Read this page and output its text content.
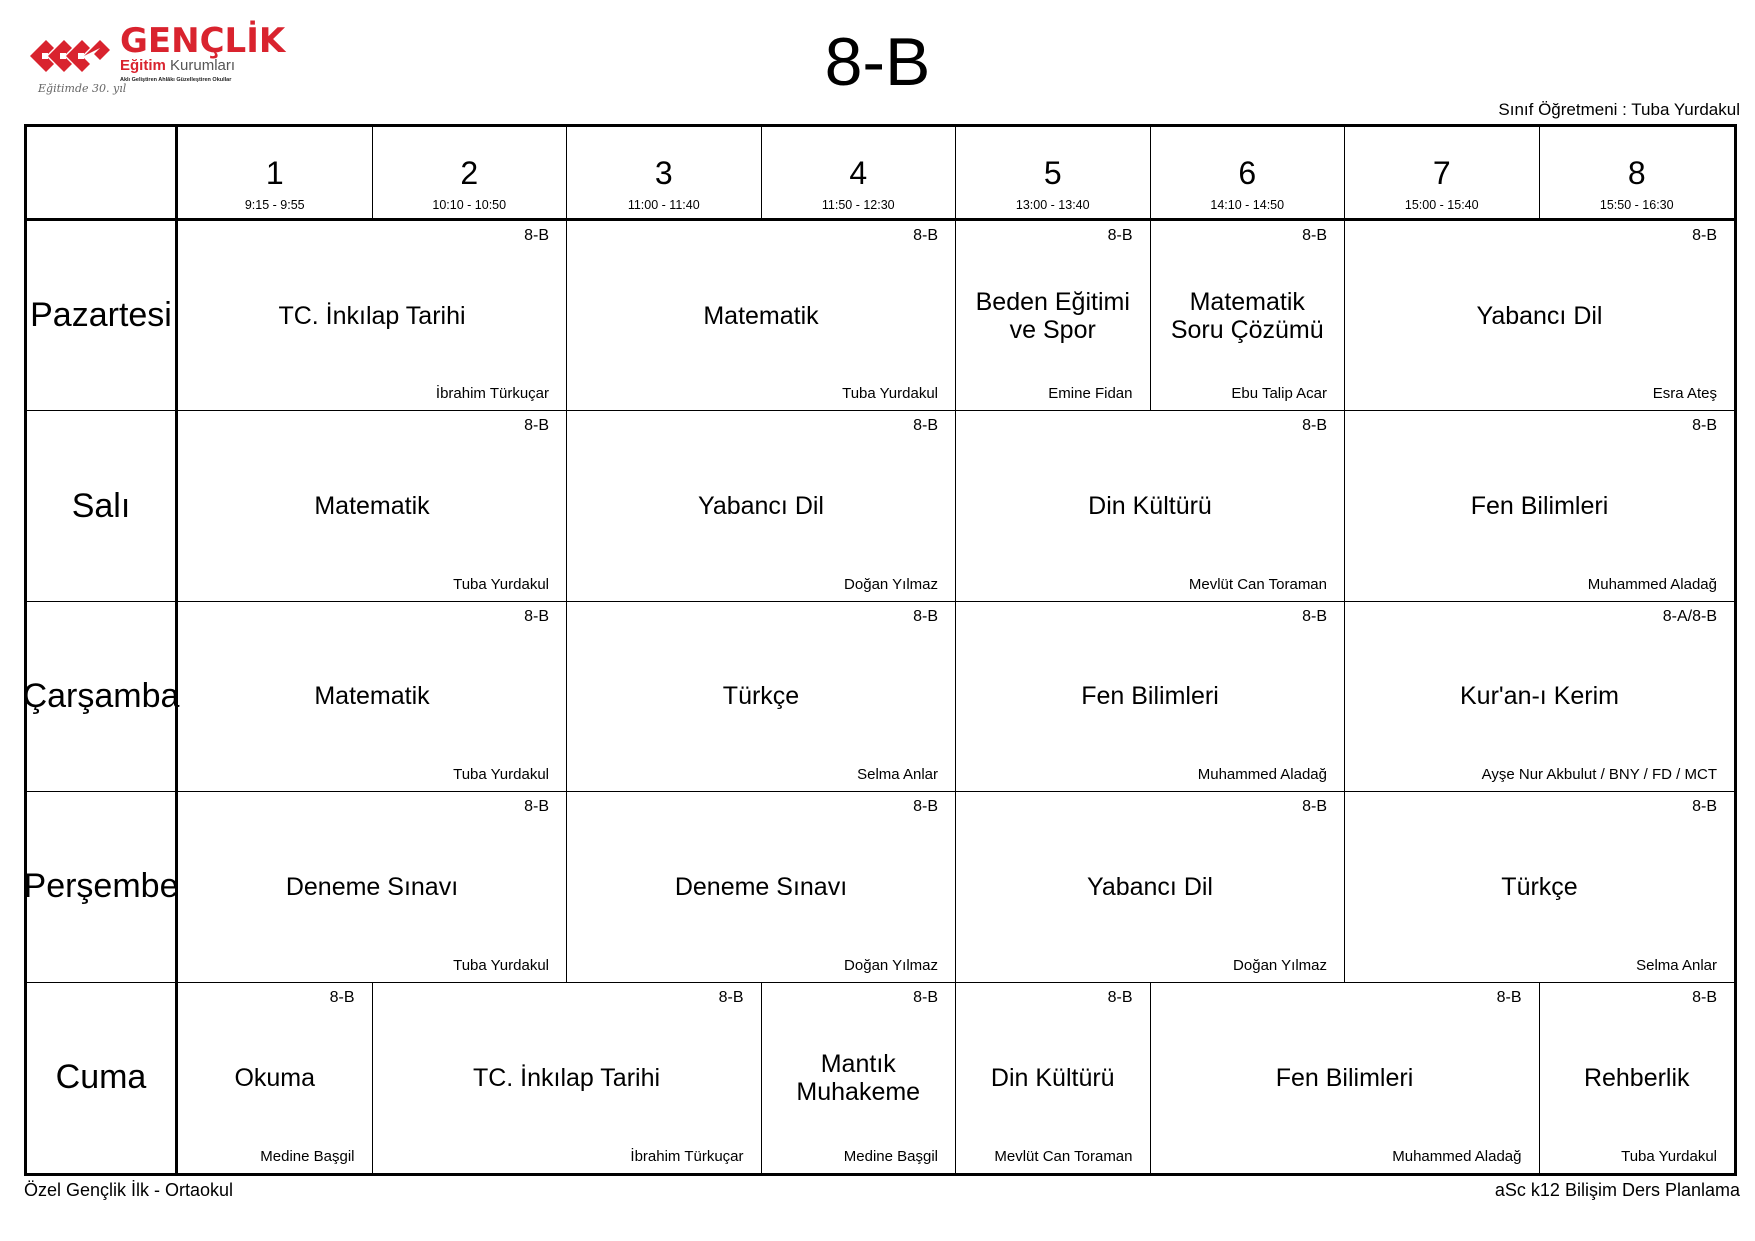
GENÇLİK
Eğitim Kurumları
Aklı Geliştiren Ahlâkı Güzelleştiren Okullar
Eğitimde 30. yıl	8-B
Sınıf Öğretmeni : Tuba Yurdakul
1
9:15 - 9:55
2
10:10 - 10:50
3
11:00 - 11:40
4
11:50 - 12:30
5
13:00 - 13:40
6
14:10 - 14:50
7
15:00 - 15:40
8
15:50 - 16:30
Pazartesi
8-B
TC. İnkılap Tarihi
İbrahim Türkuçar
8-B
Matematik
Tuba Yurdakul
8-B
Beden Eğitimi
ve Spor
Emine Fidan
8-B
Matematik
Soru Çözümü
Ebu Talip Acar
8-B
Yabancı Dil
Esra Ateş
Salı
8-B
Matematik
Tuba Yurdakul
8-B
Yabancı Dil
Doğan Yılmaz
8-B
Din Kültürü
Mevlüt Can Toraman
8-B
Fen Bilimleri
Muhammed Aladağ
Çarşamba
8-B
Matematik
Tuba Yurdakul
8-B
Türkçe
Selma Anlar
8-B
Fen Bilimleri
Muhammed Aladağ
8-A/8-B
Kur'an-ı Kerim
Ayşe Nur Akbulut / BNY / FD / MCT
Perşembe
8-B
Deneme Sınavı
Tuba Yurdakul
8-B
Deneme Sınavı
Doğan Yılmaz
8-B
Yabancı Dil
Doğan Yılmaz
8-B
Türkçe
Selma Anlar
Cuma
8-B
Okuma
Medine Başgil
8-B
TC. İnkılap Tarihi
İbrahim Türkuçar
8-B
Mantık
Muhakeme
Medine Başgil
8-B
Din Kültürü
Mevlüt Can Toraman
8-B
Fen Bilimleri
Muhammed Aladağ
8-B
Rehberlik
Tuba Yurdakul
Özel Gençlik İlk - Ortaokul	aSc k12 Bilişim Ders Planlama
